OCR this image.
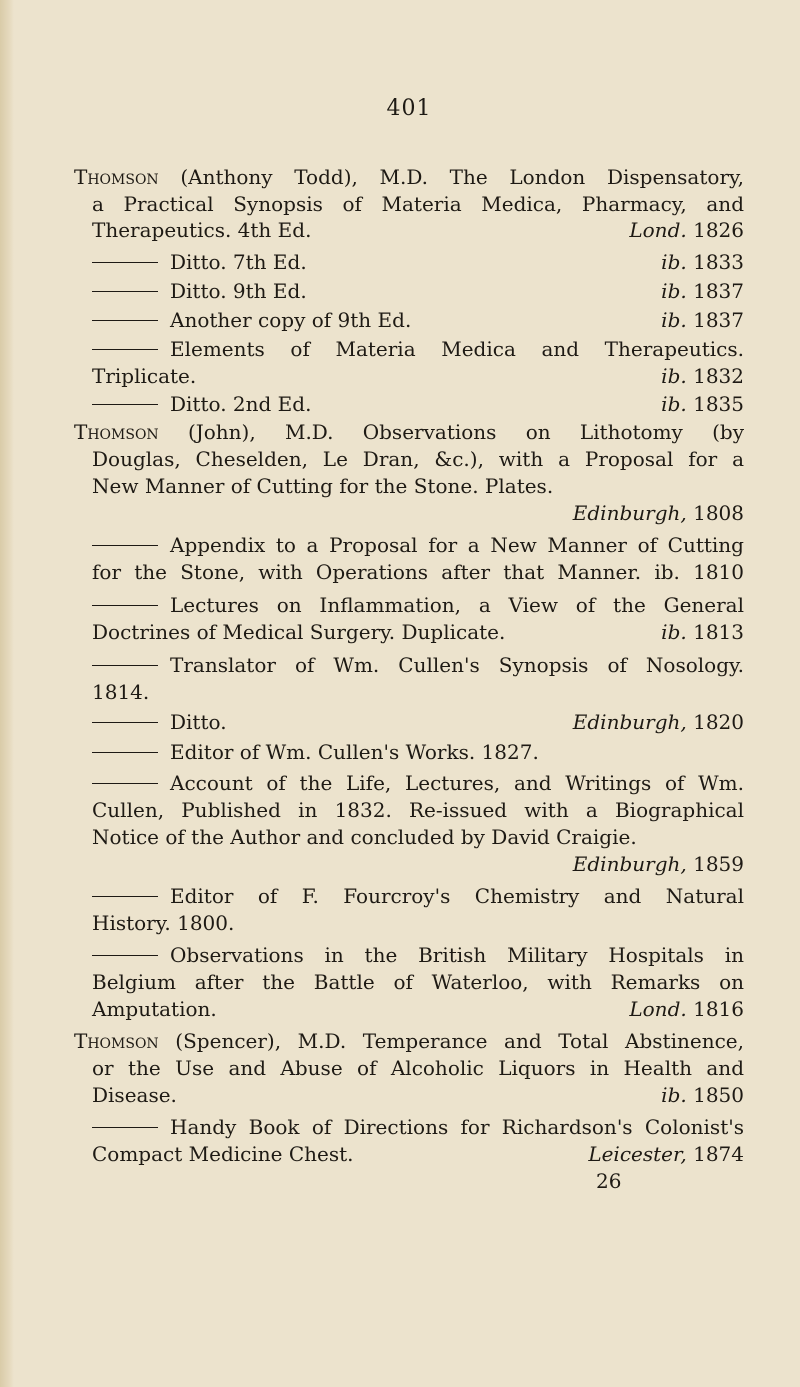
401
Thomson (Anthony Todd), M.D. The London Dispensatory,
a Practical Synopsis of Materia Medica, Pharmacy, and
Therapeutics. 4th Ed.	Lond. 1826
Ditto. 7th Ed.	ib. 1833
Ditto. 9th Ed.	ib. 1837
Another copy of 9th Ed.	ib. 1837
Elements of Materia Medica and Therapeutics.
Triplicate.	ib. 1832
Ditto. 2nd Ed.	ib. 1835
Thomson (John), M.D. Observations on Lithotomy (by
Douglas, Cheselden, Le Dran, &c.), with a Proposal for a
New Manner of Cutting for the Stone. Plates.
Edinburgh, 1808
Appendix to a Proposal for a New Manner of Cutting
for the Stone, with Operations after that Manner. ib. 1810
Lectures on Inflammation, a View of the General
Doctrines of Medical Surgery. Duplicate.	ib. 1813
Translator of Wm. Cullen's Synopsis of Nosology.
1814.
Ditto.	Edinburgh, 1820
Editor of Wm. Cullen's Works. 1827.
Account of the Life, Lectures, and Writings of Wm.
Cullen, Published in 1832. Re-issued with a Biographical
Notice of the Author and concluded by David Craigie.
Edinburgh, 1859
Editor of F. Fourcroy's Chemistry and Natural
History. 1800.
Observations in the British Military Hospitals in
Belgium after the Battle of Waterloo, with Remarks on
Amputation.	Lond. 1816
Thomson (Spencer), M.D. Temperance and Total Abstinence,
or the Use and Abuse of Alcoholic Liquors in Health and
Disease.	ib. 1850
Handy Book of Directions for Richardson's Colonist's
Compact Medicine Chest.	Leicester, 1874
26
